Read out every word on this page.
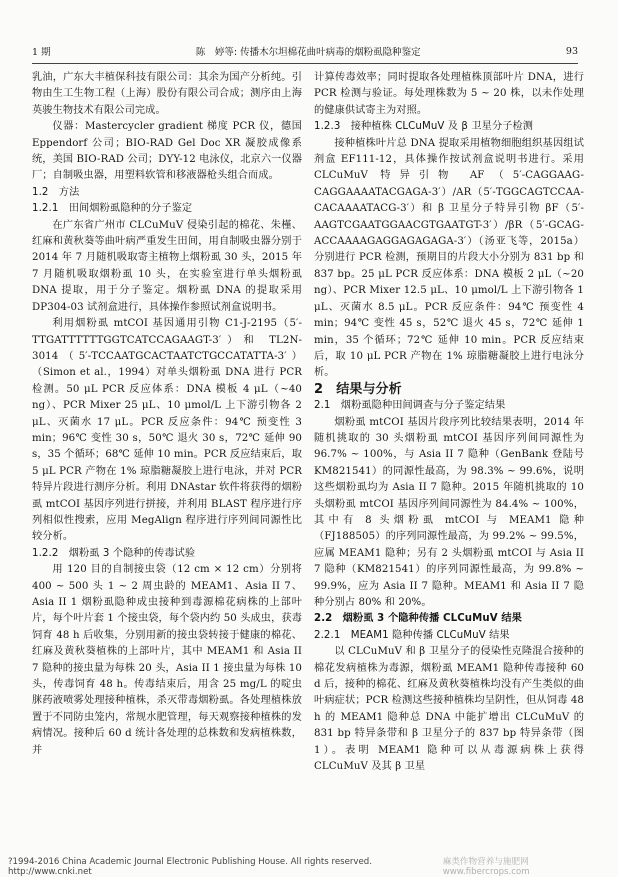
1 期	陈　婷等: 传播木尔坦棉花曲叶病毒的烟粉虱隐种鉴定	93

乳油，广东大丰植保科技有限公司：其余为国产分析纯。引物由生工生物工程（上海）股份有限公司合成；测序由上海英骏生物技术有限公司完成。

仪器：Mastercycler gradient 梯度 PCR 仪，德国 Eppendorf 公司；BIO-RAD Gel Doc XR 凝胶成像系统，美国 BIO-RAD 公司；DYY-12 电泳仪，北京六一仪器厂；自制吸虫器，用塑料软管和移液器枪头组合而成。

1.2　方法

1.2.1　田间烟粉虱隐种的分子鉴定

在广东省广州市 CLCuMuV 侵染引起的棉花、朱槿、红麻和黄秋葵等曲叶病严重发生田间，用自制吸虫器分别于 2014 年 7 月随机吸取寄主植物上烟粉虱 30 头，2015 年 7 月随机吸取烟粉虱 10 头，在实验室进行单头烟粉虱 DNA 提取，用于分子鉴定。烟粉虱 DNA 的提取采用 DP304-03 试剂盒进行，具体操作参照试剂盒说明书。

利用烟粉虱 mtCOI 基因通用引物 C1-J-2195（5′-TTGATTTTTTGGTCATCCAGAAGT-3′）和 TL2N-3014（5′-TCCAATGCACTAATCTGCCATATTA-3′）（Simon et al.，1994）对单头烟粉虱 DNA 进行 PCR 检测。50 μL PCR 反应体系：DNA 模板 4 μL（~40 ng）、PCR Mixer 25 μL、10 μmol/L 上下游引物各 2 μL、灭菌水 17 μL。PCR 反应条件：94℃ 预变性 3 min；96℃ 变性 30 s，50℃ 退火 30 s，72℃ 延伸 90 s，35 个循环；68℃ 延伸 10 min。PCR 反应结束后，取 5 μL PCR 产物在 1% 琼脂糖凝胶上进行电泳，并对 PCR 特异片段进行测序分析。利用 DNAstar 软件将获得的烟粉虱 mtCOI 基因序列进行拼接，并利用 BLAST 程序进行序列相似性搜索，应用 MegAlign 程序进行序列间同源性比较分析。

1.2.2　烟粉虱 3 个隐种的传毒试验

用 120 目的自制接虫袋（12 cm × 12 cm）分别将 400 ~ 500 头 1 ~ 2 周虫龄的 MEAM1、Asia II 7、Asia II 1 烟粉虱隐种成虫接种到毒源棉花病株的上部叶片，每个叶片套 1 个接虫袋，每个袋内约 50 头成虫，获毒饲育 48 h 后收集，分别用新的接虫袋转接于健康的棉花、红麻及黄秋葵植株的上部叶片，其中 MEAM1 和 Asia II 7 隐种的接虫量为每株 20 头，Asia II 1 接虫量为每株 10 头，传毒饲育 48 h。传毒结束后，用含 25 mg/L 的啶虫脒药液喷雾处理接种植株，杀灭带毒烟粉虱。各处理植株放置于不同防虫笼内，常规水肥管理，每天观察接种植株的发病情况。接种后 60 d 统计各处理的总株数和发病植株数，并

计算传毒效率；同时提取各处理植株顶部叶片 DNA，进行 PCR 检测与验证。每处理株数为 5 ~ 20 株，以未作处理的健康供试寄主为对照。

1.2.3　接种植株 CLCuMuV 及 β 卫星分子检测

接种植株叶片总 DNA 提取采用植物细胞组织基因组试剂盒 EF111-12，具体操作按试剂盒说明书进行。采用 CLCuMuV 特异引物 AF（5′-CAGGAAG-CAGGAAAATACGAGA-3′）/AR（5′-TGGCAGTCCAA-CACAAAATACG-3′）和 β 卫星分子特异引物 βF（5′-AAGTCGAATGGAACGTGAATGT-3′）/βR（5′-GCAG-ACCAAAAGAGGAGAGAGA-3′）（汤亚飞等，2015a）分别进行 PCR 检测，预期目的片段大小分别为 831 bp 和 837 bp。25 μL PCR 反应体系：DNA 模板 2 μL（~20 ng）、PCR Mixer 12.5 μL、10 μmol/L 上下游引物各 1 μL、灭菌水 8.5 μL。PCR 反应条件：94℃ 预变性 4 min；94℃ 变性 45 s，52℃ 退火 45 s，72℃ 延伸 1 min，35 个循环；72℃ 延伸 10 min。PCR 反应结束后，取 10 μL PCR 产物在 1% 琼脂糖凝胶上进行电泳分析。

2　结果与分析

2.1　烟粉虱隐种田间调查与分子鉴定结果

烟粉虱 mtCOI 基因片段序列比较结果表明，2014 年随机挑取的 30 头烟粉虱 mtCOI 基因序列间同源性为 96.7% ~ 100%，与 Asia II 7 隐种（GenBank 登陆号 KM821541）的同源性最高，为 98.3% ~ 99.6%，说明这些烟粉虱均为 Asia II 7 隐种。2015 年随机挑取的 10 头烟粉虱 mtCOI 基因序列间同源性为 84.4% ~ 100%，其中有 8 头烟粉虱 mtCOI 与 MEAM1 隐种（FJ188505）的序列同源性最高，为 99.2% ~ 99.5%，应属 MEAM1 隐种；另有 2 头烟粉虱 mtCOI 与 Asia II 7 隐种（KM821541）的序列同源性最高，为 99.8% ~ 99.9%，应为 Asia II 7 隐种。MEAM1 和 Asia II 7 隐种分别占 80% 和 20%。

2.2　烟粉虱 3 个隐种传播 CLCuMuV 结果

2.2.1　MEAM1 隐种传播 CLCuMuV 结果

以 CLCuMuV 和 β 卫星分子的侵染性克隆混合接种的棉花发病植株为毒源，烟粉虱 MEAM1 隐种传毒接种 60 d 后，接种的棉花、红麻及黄秋葵植株均没有产生类似的曲叶病症状；PCR 检测这些接种植株均呈阴性，但从饲毒 48 h 的 MEAM1 隐种总 DNA 中能扩增出 CLCuMuV 的 831 bp 特异条带和 β 卫星分子的 837 bp 特异条带（图 1）。表明 MEAM1 隐种可以从毒源病株上获得 CLCuMuV 及其 β 卫星

?1994-2016 China Academic Journal Electronic Publishing House. All rights reserved.　http://www.cnki.net
麻类作物营养与施肥网 www.fibercrops.com
